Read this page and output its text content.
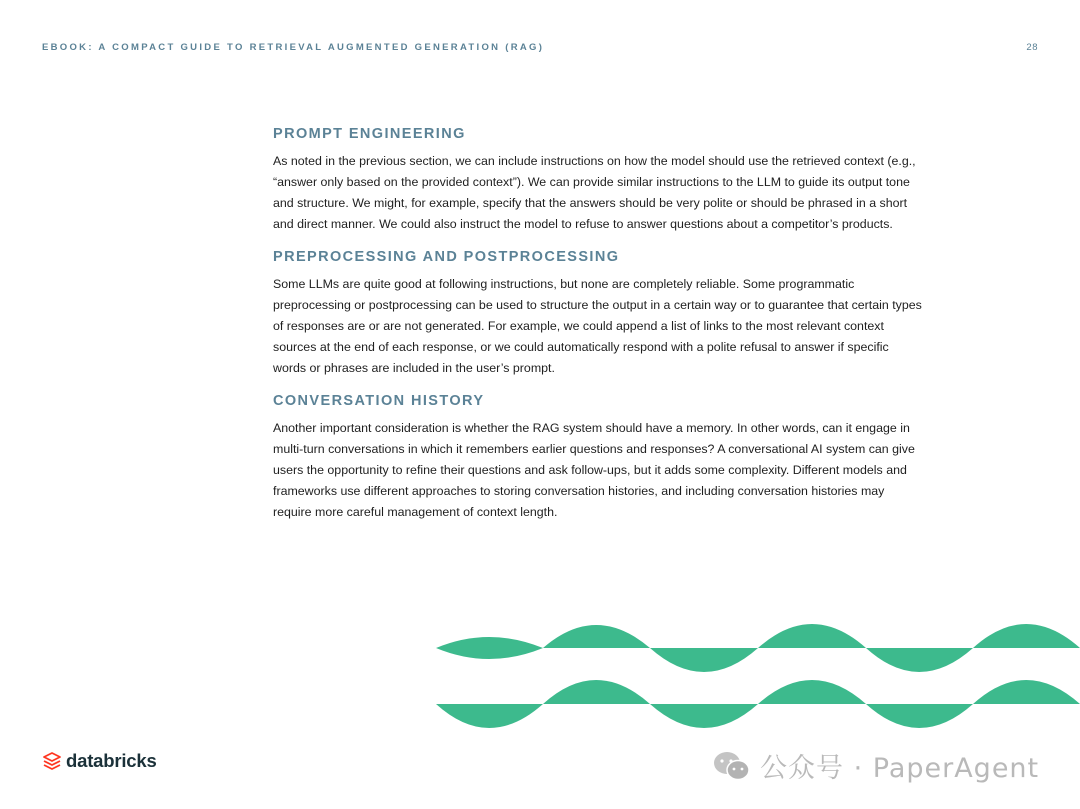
EBOOK: A COMPACT GUIDE TO RETRIEVAL AUGMENTED GENERATION (RAG)	28
PROMPT ENGINEERING

As noted in the previous section, we can include instructions on how the model should use the retrieved context (e.g., “answer only based on the provided context”). We can provide similar instructions to the LLM to guide its output tone and structure. We might, for example, specify that the answers should be very polite or should be phrased in a short and direct manner. We could also instruct the model to refuse to answer questions about a competitor’s products.

PREPROCESSING AND POSTPROCESSING

Some LLMs are quite good at following instructions, but none are completely reliable. Some programmatic preprocessing or postprocessing can be used to structure the output in a certain way or to guarantee that certain types of responses are or are not generated. For example, we could append a list of links to the most relevant context sources at the end of each response, or we could automatically respond with a polite refusal to answer if specific words or phrases are included in the user’s prompt.

CONVERSATION HISTORY

Another important consideration is whether the RAG system should have a memory. In other words, can it engage in multi-turn conversations in which it remembers earlier questions and responses? A conversational AI system can give users the opportunity to refine their questions and ask follow-ups, but it adds some complexity. Different models and frameworks use different approaches to storing conversation histories, and including conversation histories may require more careful management of context length.

databricks	公众号 · PaperAgent
